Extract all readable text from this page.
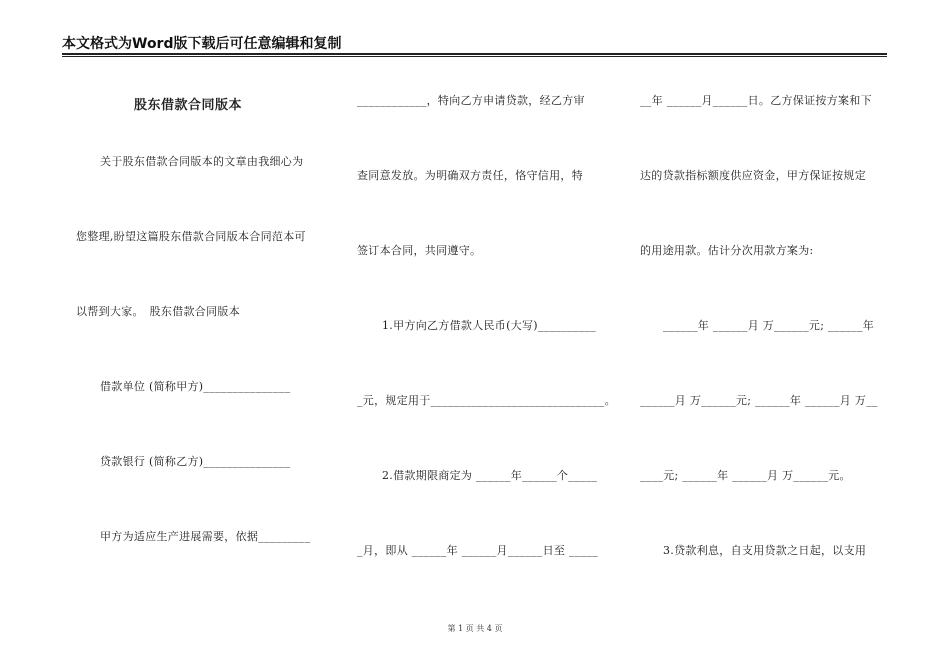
本文格式为Word版下载后可任意编辑和复制
股东借款合同版本
关于股东借款合同版本的文章由我细心为
您整理,盼望这篇股东借款合同版本合同范本可
以帮到大家。　股东借款合同版本
借款单位 (简称甲方)_______________
贷款银行 (简称乙方)_______________
甲方为适应生产进展需要，依据_________
____________，特向乙方申请贷款，经乙方审
查同意发放。为明确双方责任，恪守信用，特
签订本合同，共同遵守。
1.甲方向乙方借款人民币(大写)__________
_元，规定用于______________________________。
2.借款期限商定为 ______年______个_____
_月，即从 ______年 ______月______日至 _____
__年 ______月______日。乙方保证按方案和下
达的贷款指标额度供应资金，甲方保证按规定
的用途用款。估计分次用款方案为:
______年 ______月 万______元; ______年
______月 万______元; ______年 ______月 万__
____元; ______年 ______月 万______元。
3.贷款利息，自支用贷款之日起，以支用
第 1 页 共 4 页
